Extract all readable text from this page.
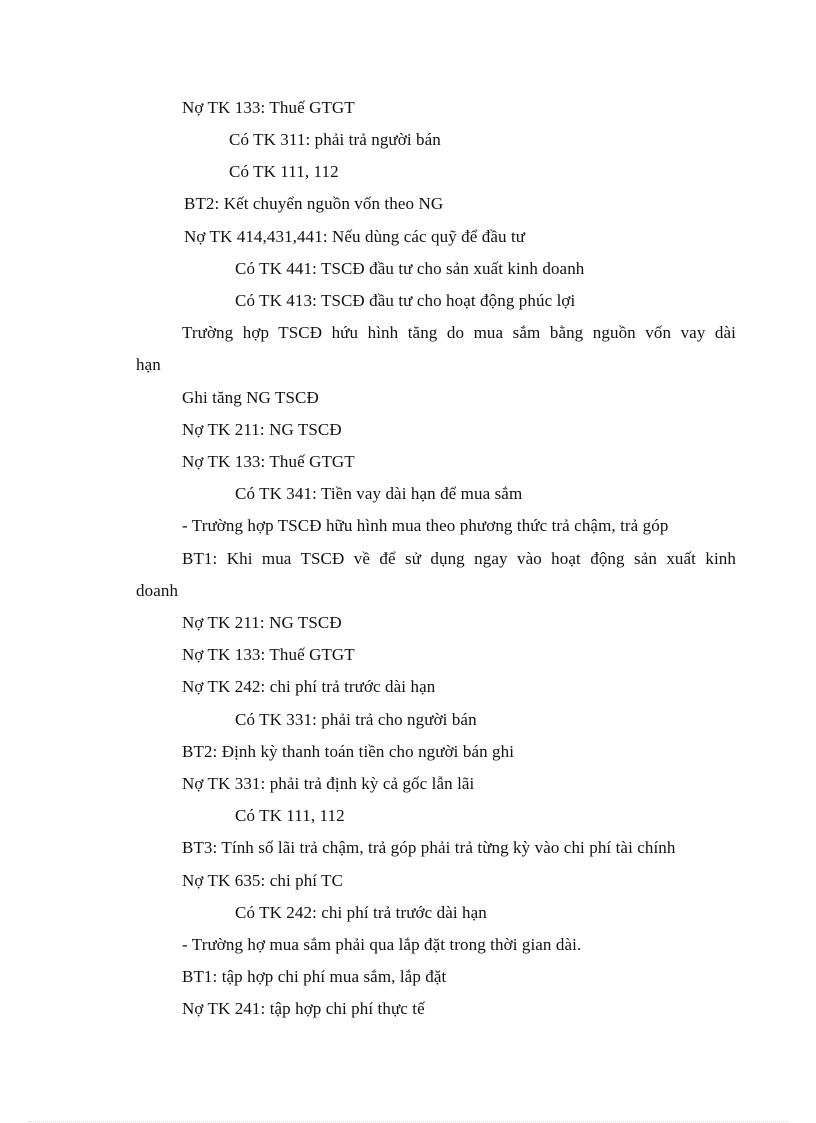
Nợ TK 133: Thuế GTGT
Có TK 311: phải trả người bán
Có TK 111, 112
BT2: Kết chuyển nguồn vốn theo NG
Nợ TK 414,431,441: Nếu dùng các quỹ để đầu tư
Có TK 441: TSCĐ đầu tư cho sản xuất kinh doanh
Có TK 413: TSCĐ đầu tư cho hoạt động phúc lợi
Trường hợp TSCĐ hứu hình tăng do mua sắm bằng nguồn vốn vay dài
hạn
Ghi tăng NG TSCĐ
Nợ TK 211: NG TSCĐ
Nợ TK 133: Thuế GTGT
Có TK 341: Tiền vay dài hạn để mua sắm
- Trường hợp TSCĐ hữu hình mua theo phương thức trả chậm, trả góp
BT1: Khi mua TSCĐ về để sử dụng ngay vào hoạt động sản xuất kinh
doanh
Nợ TK 211: NG TSCĐ
Nợ TK 133: Thuế GTGT
Nợ TK 242: chi phí trả trước dài hạn
Có TK 331: phải trả cho người bán
BT2: Định kỳ thanh toán tiền cho người bán ghi
Nợ TK 331: phải trả định kỳ cả gốc lẫn lãi
Có TK 111, 112
BT3: Tính số lãi trả chậm, trả góp phải trả từng kỳ vào chi phí tài chính
Nợ TK 635: chi phí TC
Có TK 242: chi phí trả trước dài hạn
- Trường hợ mua sắm phải qua lắp đặt trong thời gian dài.
BT1: tập hợp chi phí mua sắm, lắp đặt
Nợ TK 241: tập hợp chi phí thực tế
